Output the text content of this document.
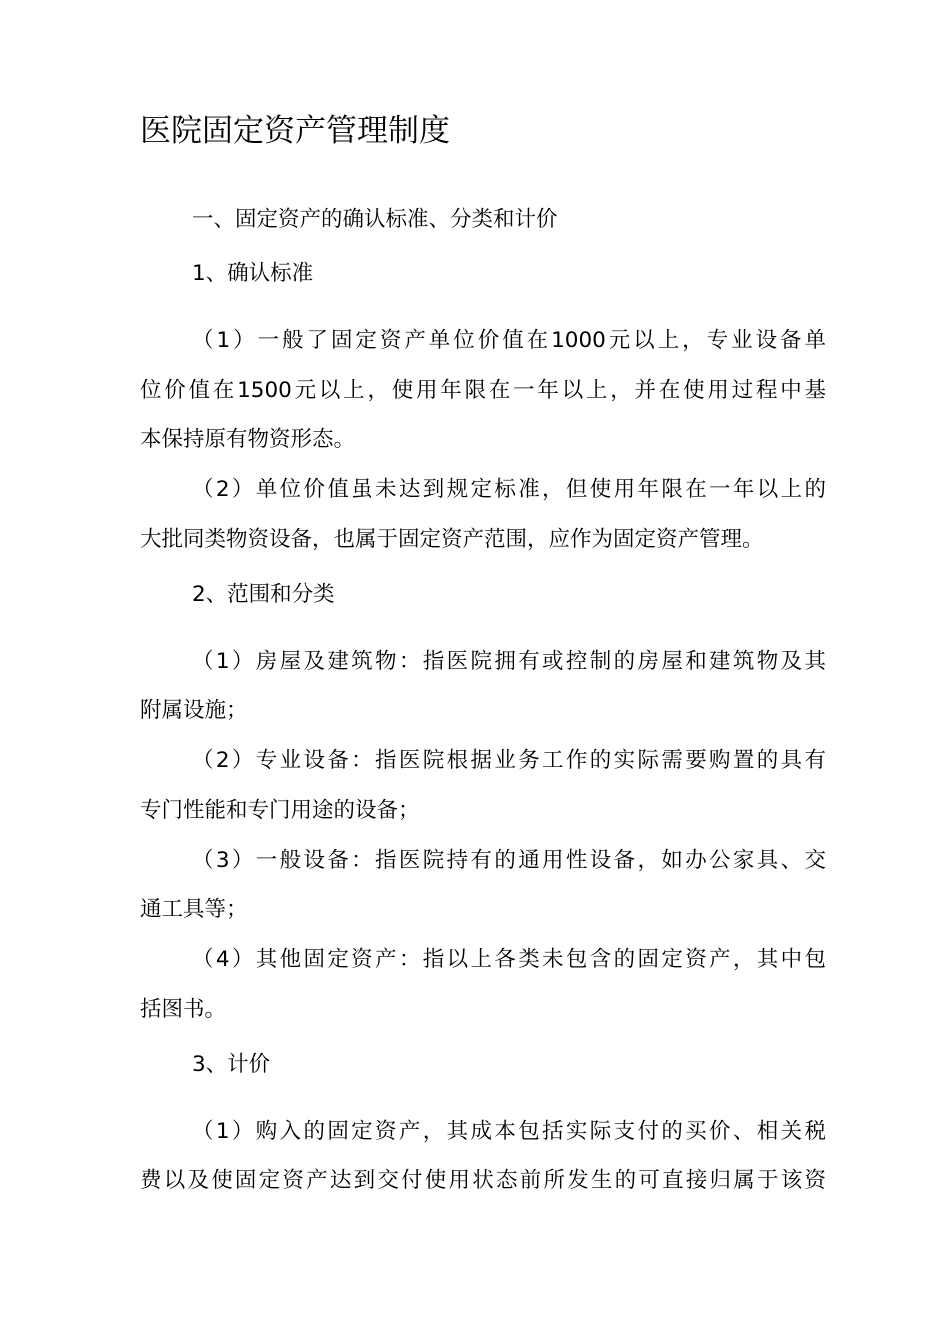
医院固定资产管理制度
一、固定资产的确认标准、分类和计价
1、确认标准
（1）一般了固定资产单位价值在1000元以上，专业设备单
位价值在1500元以上，使用年限在一年以上，并在使用过程中基
本保持原有物资形态。
（2）单位价值虽未达到规定标准，但使用年限在一年以上的
大批同类物资设备，也属于固定资产范围，应作为固定资产管理。
2、范围和分类
（1）房屋及建筑物：指医院拥有或控制的房屋和建筑物及其
附属设施；
（2）专业设备：指医院根据业务工作的实际需要购置的具有
专门性能和专门用途的设备；
（3）一般设备：指医院持有的通用性设备，如办公家具、交
通工具等；
（4）其他固定资产：指以上各类未包含的固定资产，其中包
括图书。
3、计价
（1）购入的固定资产，其成本包括实际支付的买价、相关税
费以及使固定资产达到交付使用状态前所发生的可直接归属于该资
